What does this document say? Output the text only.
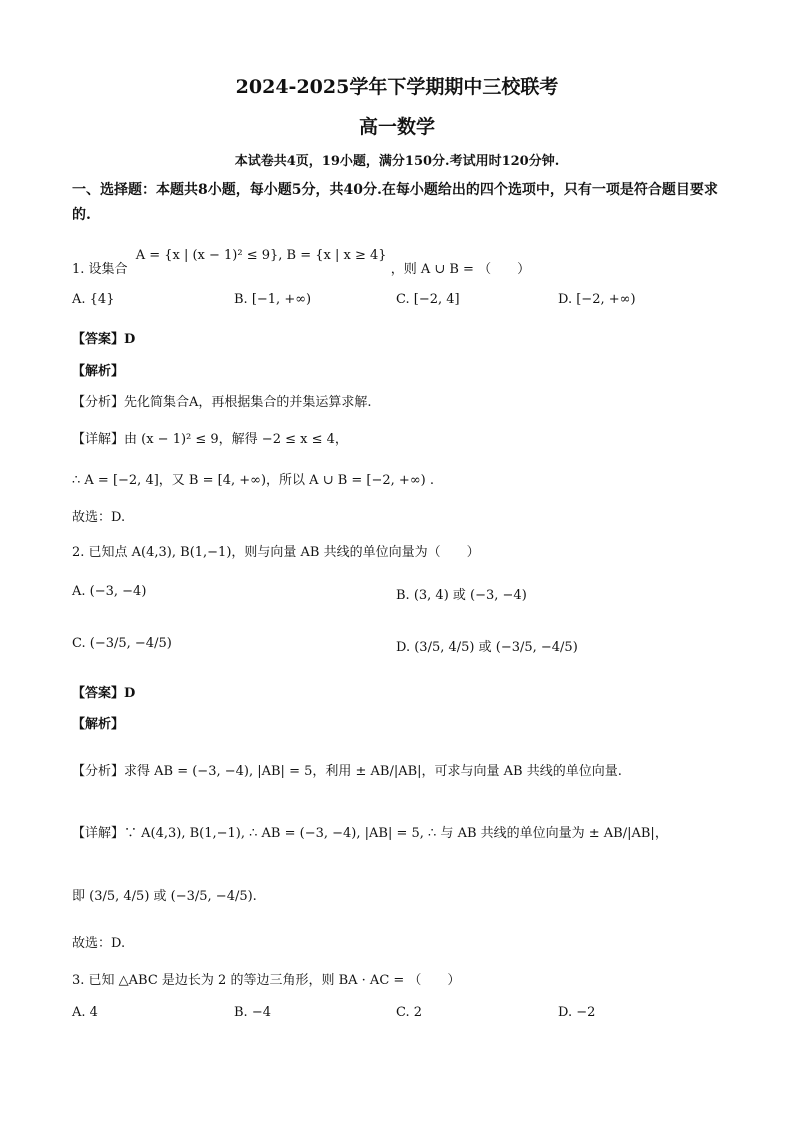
2024-2025学年下学期期中三校联考
高一数学
本试卷共4页，19小题，满分150分.考试用时120分钟.
一、选择题：本题共8小题，每小题5分，共40分.在每小题给出的四个选项中，只有一项是符合题目要求的.
1. 设集合 A = {x | (x − 1)² ≤ 9}, B = {x | x ≥ 4} ，则 A ∪ B = （　　）
A. {4}	B. [−1, +∞)	C. [−2, 4]	D. [−2, +∞)
【答案】D
【解析】
【分析】先化简集合A，再根据集合的并集运算求解.
【详解】由 (x − 1)² ≤ 9，解得 −2 ≤ x ≤ 4，
∴ A = [−2, 4]，又 B = [4, +∞)，所以 A ∪ B = [−2, +∞) .
故选：D.
2. 已知点 A(4,3), B(1,−1)，则与向量 AB 共线的单位向量为（　　）
A. (−3, −4)	B. (3, 4) 或 (−3, −4)
C. (−3/5, −4/5)	D. (3/5, 4/5) 或 (−3/5, −4/5)
【答案】D
【解析】
【分析】求得 AB = (−3, −4), |AB| = 5，利用 ± AB/|AB|，可求与向量 AB 共线的单位向量.
【详解】∵ A(4,3), B(1,−1), ∴ AB = (−3, −4), |AB| = 5, ∴ 与 AB 共线的单位向量为 ± AB/|AB|，
即 (3/5, 4/5) 或 (−3/5, −4/5).
故选：D.
3. 已知 △ABC 是边长为 2 的等边三角形，则 BA · AC = （　　）
A. 4	B. −4	C. 2	D. −2
